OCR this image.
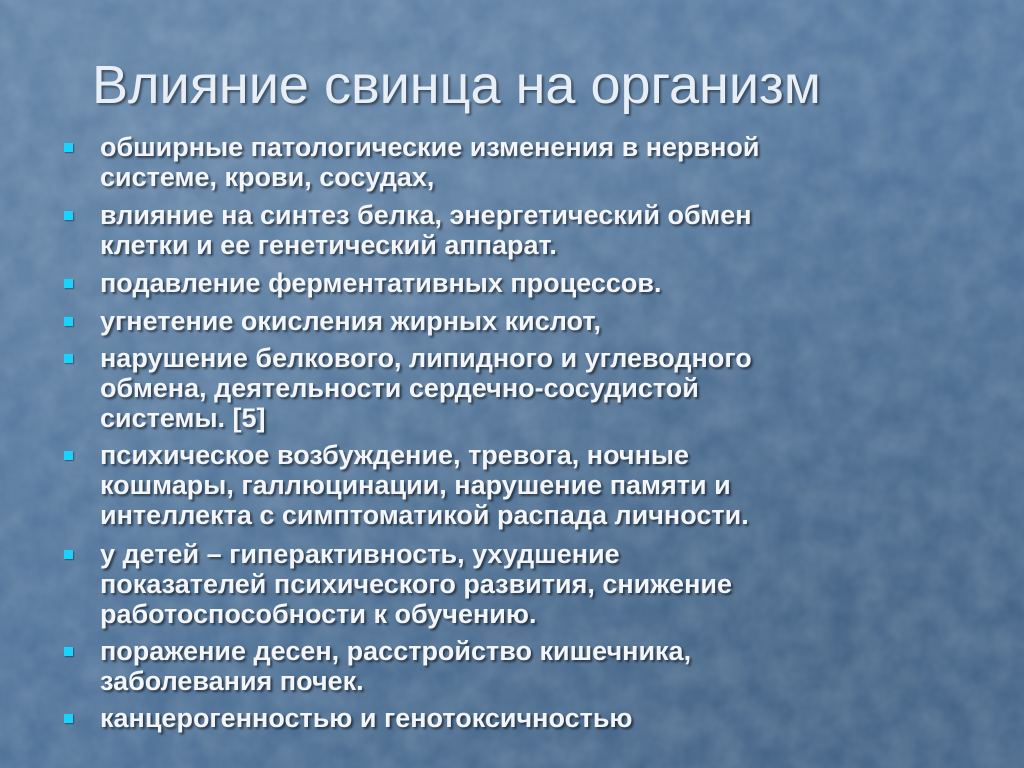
Влияние свинца на организм
обширные патологические изменения в нервной
системе, крови, сосудах,
влияние на синтез белка, энергетический обмен
клетки и ее генетический аппарат.
подавление ферментативных процессов.
угнетение окисления жирных кислот,
нарушение белкового, липидного и углеводного
обмена, деятельности сердечно-сосудистой
системы. [5]
психическое возбуждение, тревога, ночные
кошмары, галлюцинации, нарушение памяти и
интеллекта с симптоматикой распада личности.
у детей – гиперактивность, ухудшение
показателей психического развития, снижение
работоспособности к обучению.
поражение десен, расстройство кишечника,
заболевания почек.
канцерогенностью и генотоксичностью
